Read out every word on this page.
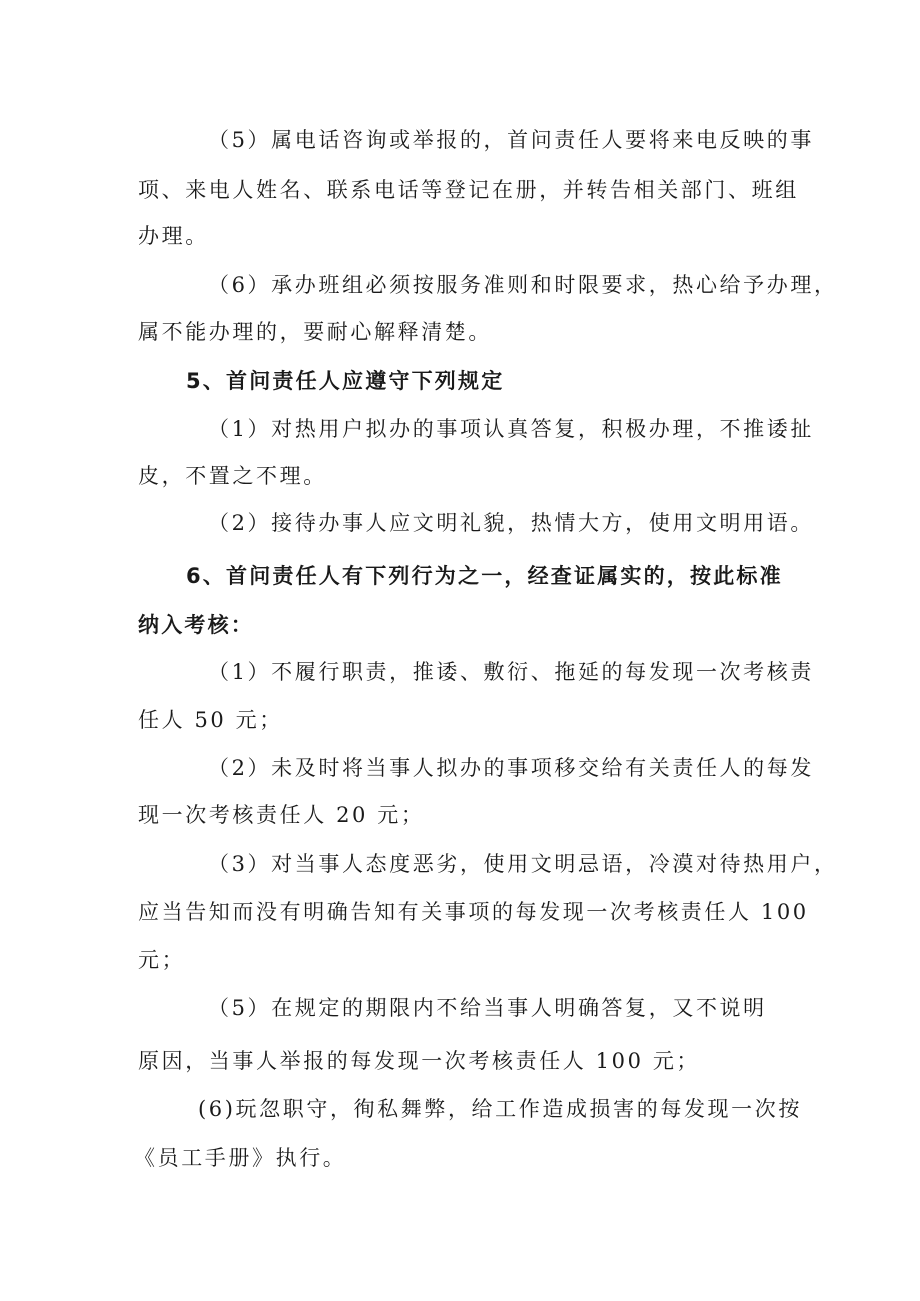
（5）属电话咨询或举报的，首问责任人要将来电反映的事
项、来电人姓名、联系电话等登记在册，并转告相关部门、班组
办理。
（6）承办班组必须按服务准则和时限要求，热心给予办理，
属不能办理的，要耐心解释清楚。
5、首问责任人应遵守下列规定
（1）对热用户拟办的事项认真答复，积极办理，不推诿扯
皮，不置之不理。
（2）接待办事人应文明礼貌，热情大方，使用文明用语。
6、首问责任人有下列行为之一，经查证属实的，按此标准
纳入考核：
（1）不履行职责，推诿、敷衍、拖延的每发现一次考核责
任人 50 元；
（2）未及时将当事人拟办的事项移交给有关责任人的每发
现一次考核责任人 20 元；
（3）对当事人态度恶劣，使用文明忌语，冷漠对待热用户，
应当告知而没有明确告知有关事项的每发现一次考核责任人 100
元；
（5）在规定的期限内不给当事人明确答复，又不说明
原因，当事人举报的每发现一次考核责任人 100 元；
(6)玩忽职守，徇私舞弊，给工作造成损害的每发现一次按
《员工手册》执行。
